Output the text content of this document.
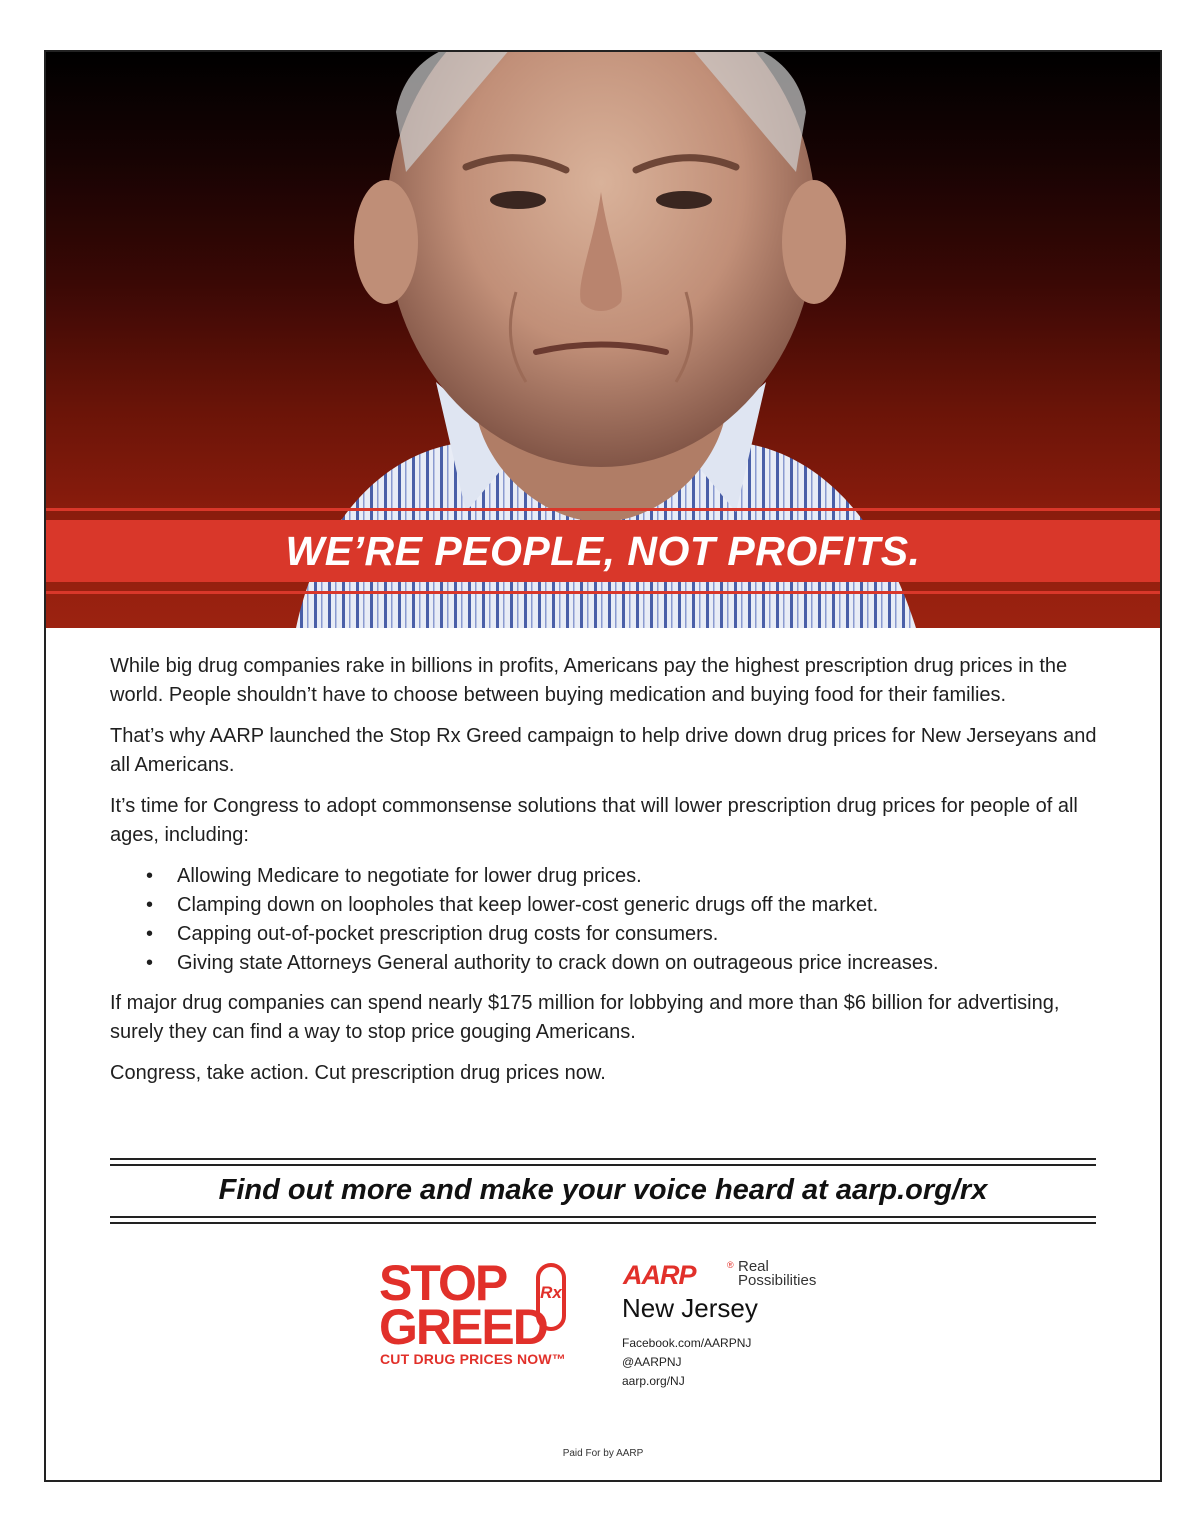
WE’RE PEOPLE, NOT PROFITS.

While big drug companies rake in billions in profits, Americans pay the highest prescription drug prices in the world. People shouldn’t have to choose between buying medication and buying food for their families.

That’s why AARP launched the Stop Rx Greed campaign to help drive down drug prices for New Jerseyans and all Americans.

It’s time for Congress to adopt commonsense solutions that will lower prescription drug prices for people of all ages, including:

• Allowing Medicare to negotiate for lower drug prices.
• Clamping down on loopholes that keep lower-cost generic drugs off the market.
• Capping out-of-pocket prescription drug costs for consumers.
• Giving state Attorneys General authority to crack down on outrageous price increases.

If major drug companies can spend nearly $175 million for lobbying and more than $6 billion for advertising, surely they can find a way to stop price gouging Americans.

Congress, take action. Cut prescription drug prices now.

Find out more and make your voice heard at aarp.org/rx
STOP Rx
GREED
CUT DRUG PRICES NOW™
AARP	® Real
Possibilities
New Jersey
Facebook.com/AARPNJ
@AARPNJ
aarp.org/NJ
Paid For by AARP
